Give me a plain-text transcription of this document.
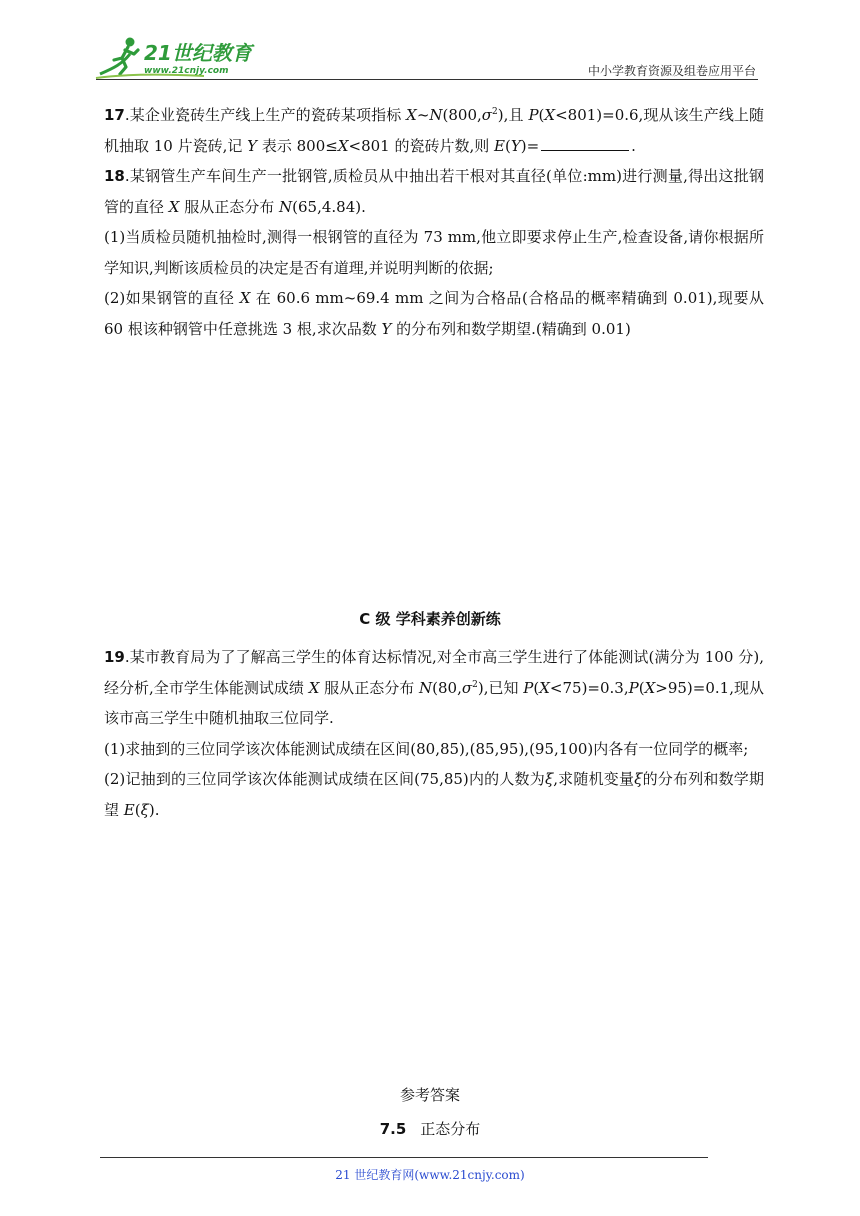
21世纪教育
www.21cnjy.com	中小学教育资源及组卷应用平台

17.某企业瓷砖生产线上生产的瓷砖某项指标 $X\sim N(800,\sigma^2)$,且 P(X<801)=0.6,现从该生产线上随机抽取 10 片瓷砖,记 Y 表示 800≤X<801 的瓷砖片数,则 E(Y)=	.

18.某钢管生产车间生产一批钢管,质检员从中抽出若干根对其直径(单位:mm)进行测量,得出这批钢管的直径 X 服从正态分布 N(65,4.84).

(1)当质检员随机抽检时,测得一根钢管的直径为 73 mm,他立即要求停止生产,检查设备,请你根据所学知识,判断该质检员的决定是否有道理,并说明判断的依据;

(2)如果钢管的直径 X 在 60.6 mm~69.4 mm 之间为合格品(合格品的概率精确到 0.01),现要从 60 根该种钢管中任意挑选 3 根,求次品数 Y 的分布列和数学期望.(精确到 0.01)

C 级 学科素养创新练

19.某市教育局为了了解高三学生的体育达标情况,对全市高三学生进行了体能测试(满分为 100 分),经分析,全市学生体能测试成绩 X 服从正态分布 $N(80,\sigma^2)$,已知 P(X<75)=0.3,P(X>95)=0.1,现从该市高三学生中随机抽取三位同学.

(1)求抽到的三位同学该次体能测试成绩在区间(80,85),(85,95),(95,100)内各有一位同学的概率;

(2)记抽到的三位同学该次体能测试成绩在区间(75,85)内的人数为ξ,求随机变量ξ的分布列和数学期望 E(ξ).

参考答案
7.5 正态分布
21 世纪教育网(www.21cnjy.com)
